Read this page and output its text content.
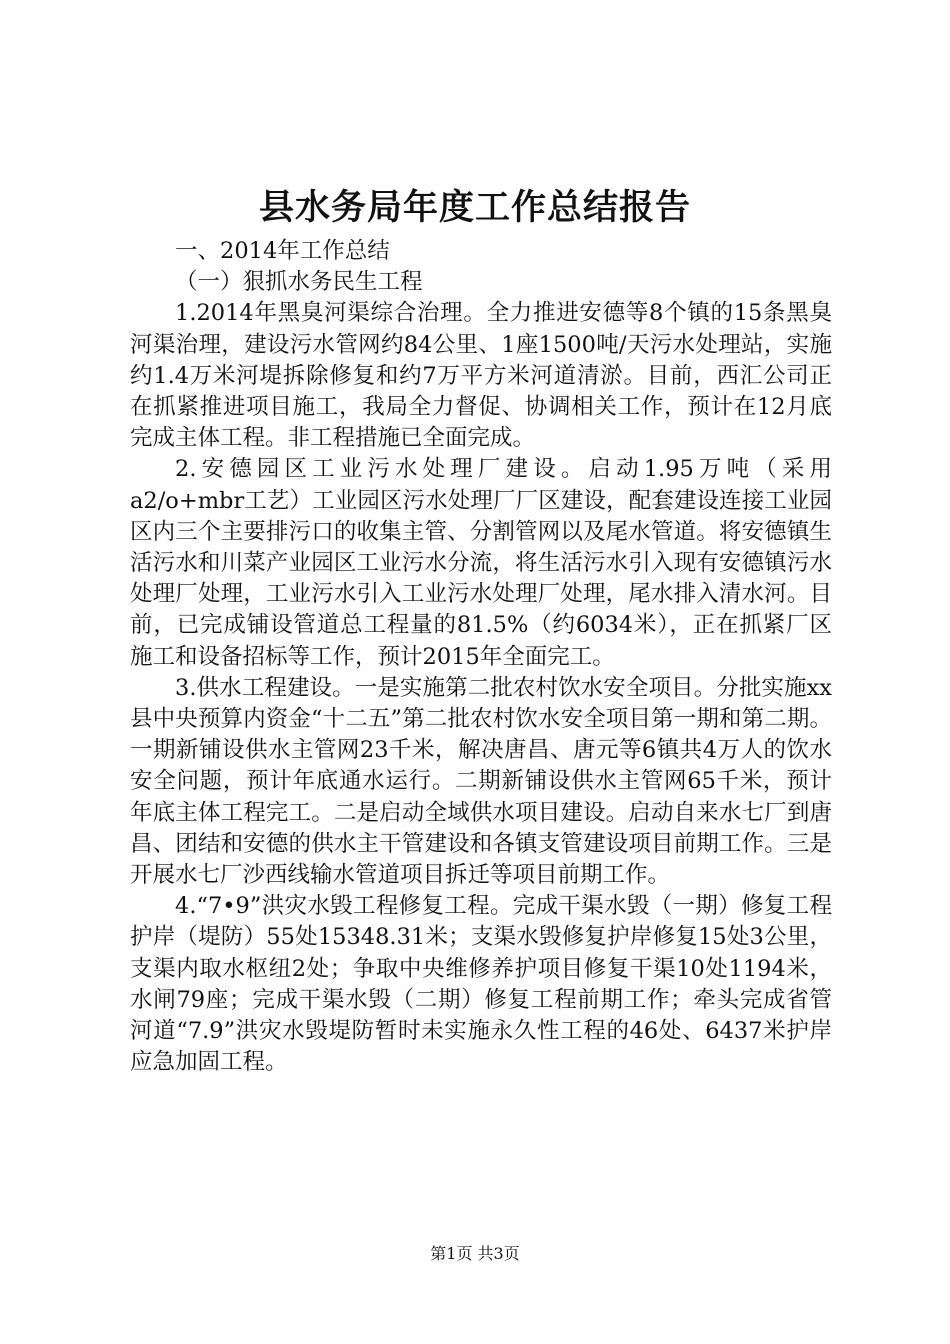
县水务局年度工作总结报告

一、2014年工作总结

（一）狠抓水务民生工程

1.2014年黑臭河渠综合治理。全力推进安德等8个镇的15条黑臭河渠治理，建设污水管网约84公里、1座1500吨/天污水处理站，实施约1.4万米河堤拆除修复和约7万平方米河道清淤。目前，西汇公司正在抓紧推进项目施工，我局全力督促、协调相关工作，预计在12月底完成主体工程。非工程措施已全面完成。

2.安德园区工业污水处理厂建设。启动1.95万吨（采用a2/o+mbr工艺）工业园区污水处理厂厂区建设，配套建设连接工业园区内三个主要排污口的收集主管、分割管网以及尾水管道。将安德镇生活污水和川菜产业园区工业污水分流，将生活污水引入现有安德镇污水处理厂处理，工业污水引入工业污水处理厂处理，尾水排入清水河。目前，已完成铺设管道总工程量的81.5%（约6034米），正在抓紧厂区施工和设备招标等工作，预计2015年全面完工。

3.供水工程建设。一是实施第二批农村饮水安全项目。分批实施xx县中央预算内资金“十二五”第二批农村饮水安全项目第一期和第二期。一期新铺设供水主管网23千米，解决唐昌、唐元等6镇共4万人的饮水安全问题，预计年底通水运行。二期新铺设供水主管网65千米，预计年底主体工程完工。二是启动全域供水项目建设。启动自来水七厂到唐昌、团结和安德的供水主干管建设和各镇支管建设项目前期工作。三是开展水七厂沙西线输水管道项目拆迁等项目前期工作。

4.“7•9”洪灾水毁工程修复工程。完成干渠水毁（一期）修复工程护岸（堤防）55处15348.31米；支渠水毁修复护岸修复15处3公里，支渠内取水枢纽2处；争取中央维修养护项目修复干渠10处1194米，水闸79座；完成干渠水毁（二期）修复工程前期工作；牵头完成省管河道“7.9”洪灾水毁堤防暂时未实施永久性工程的46处、6437米护岸应急加固工程。

第1页 共3页
